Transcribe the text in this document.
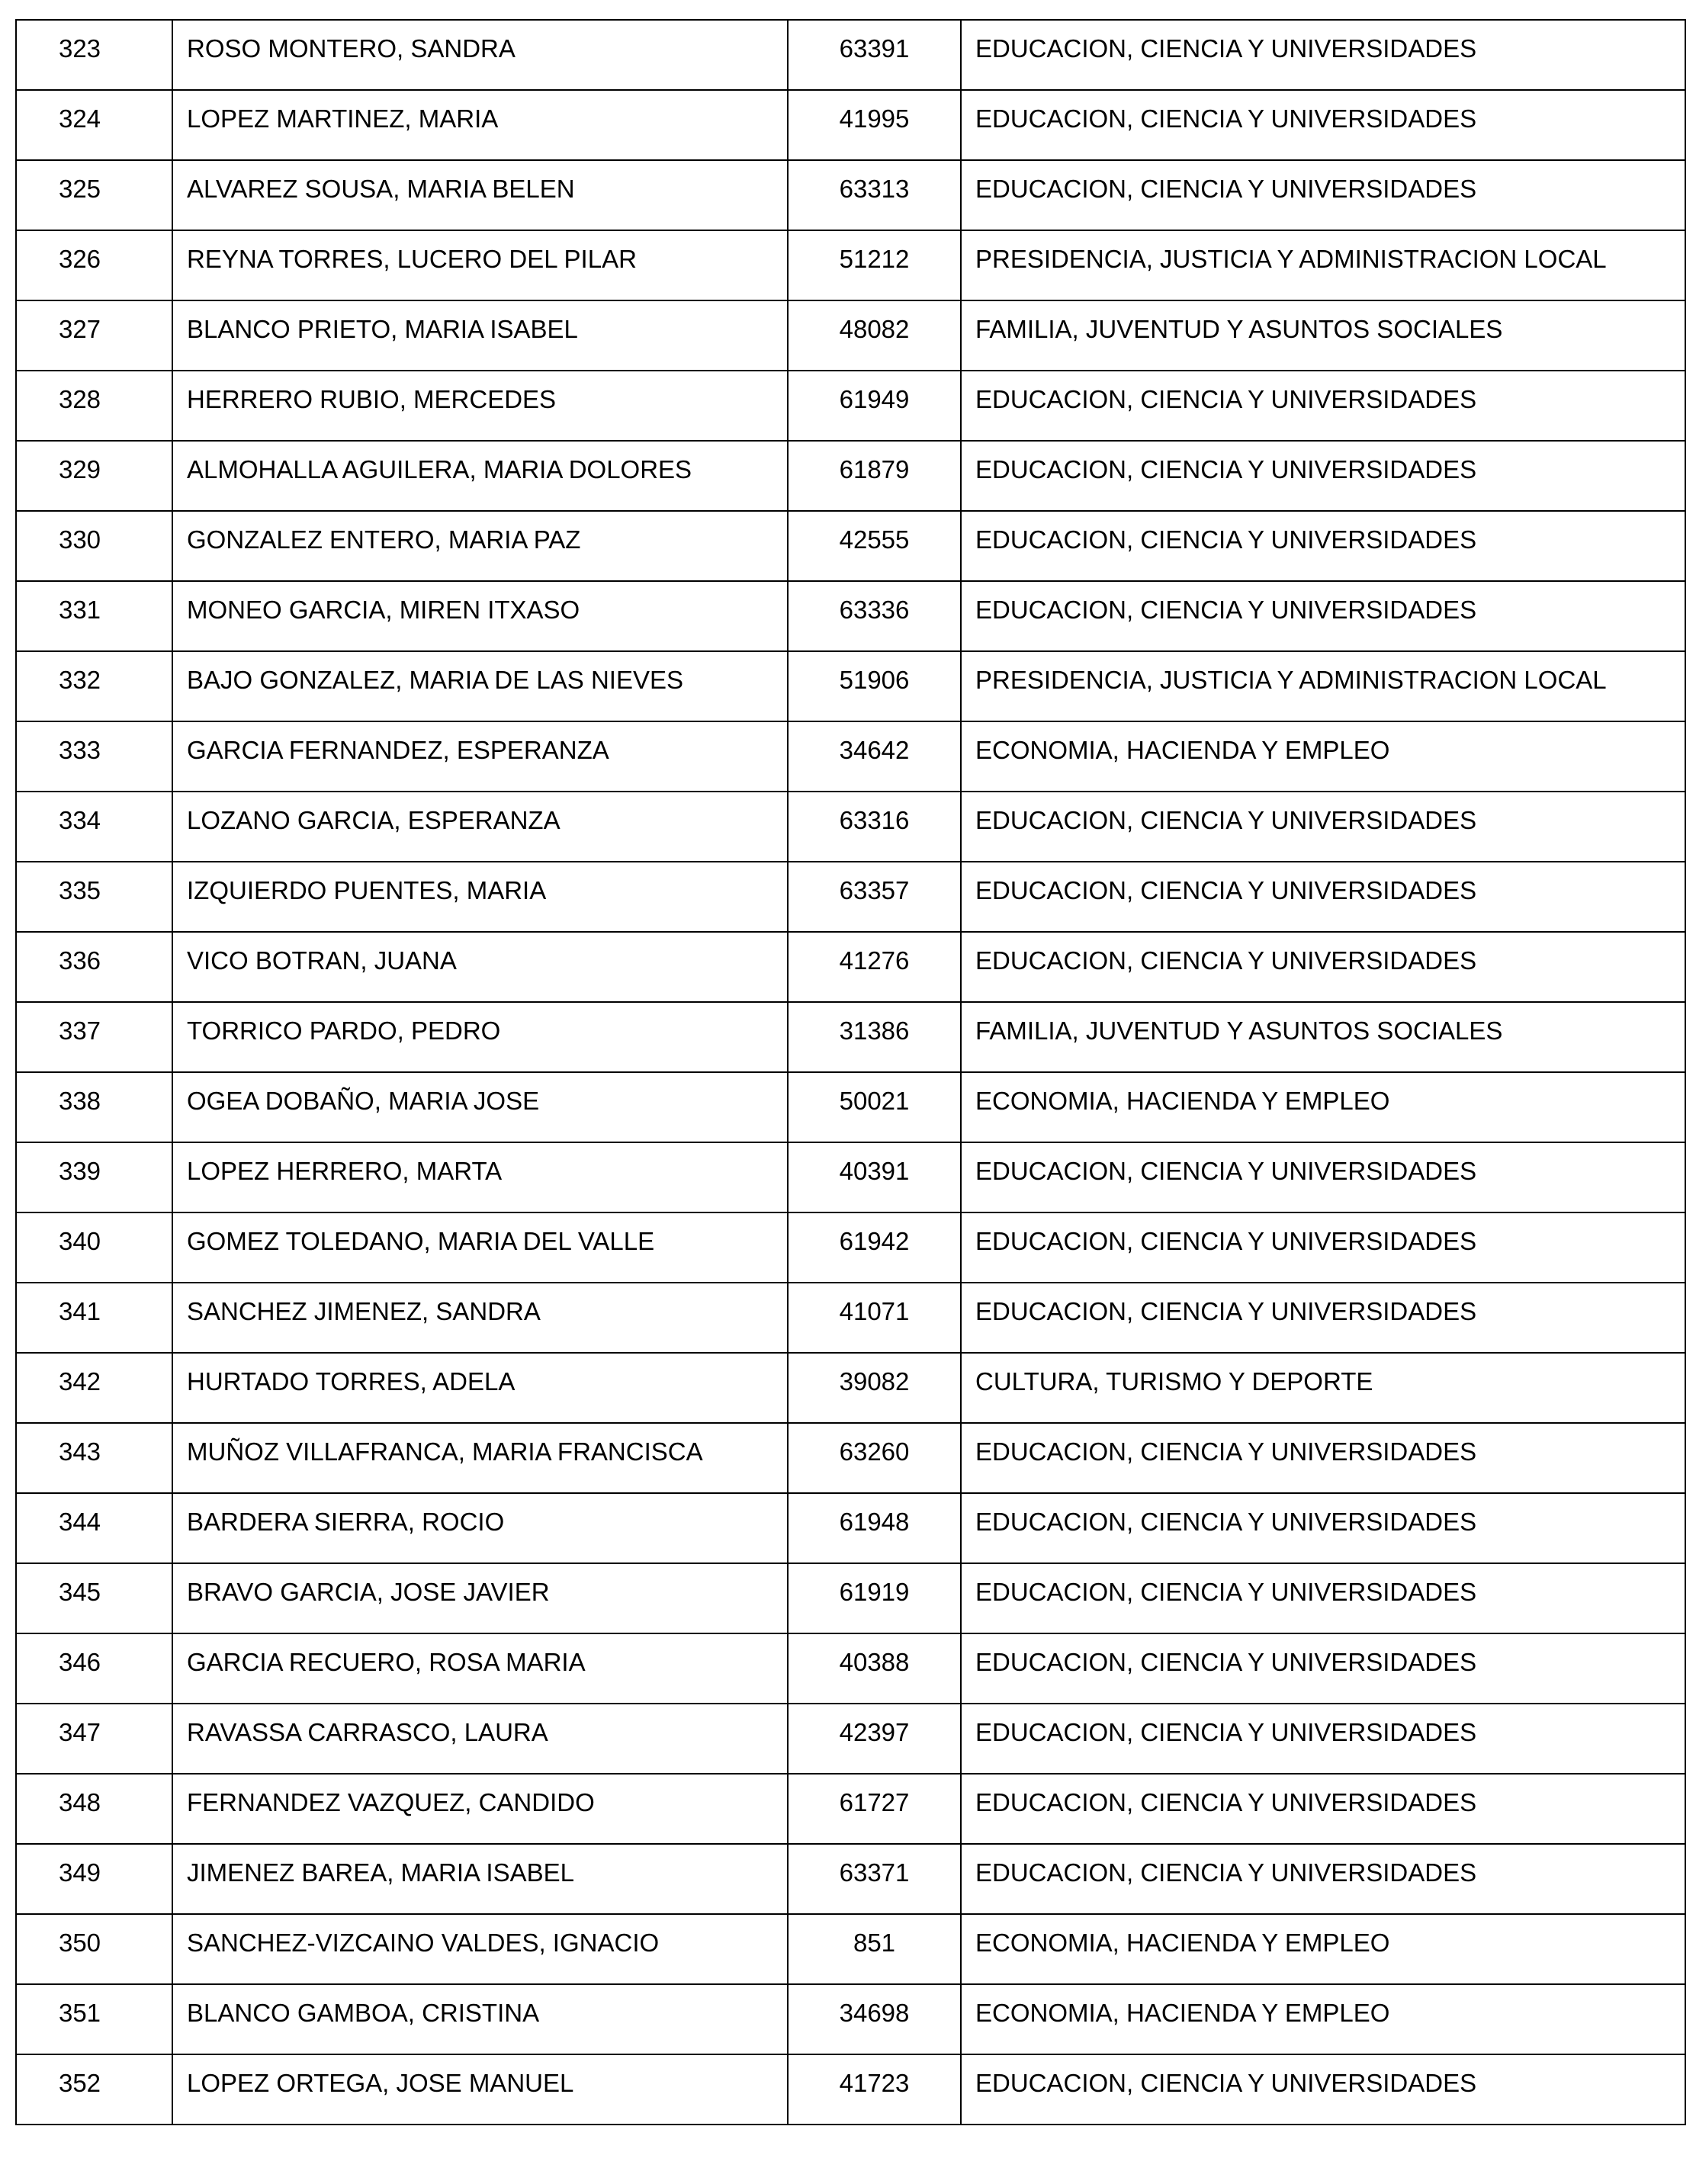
323	ROSO MONTERO, SANDRA	63391	EDUCACION, CIENCIA Y UNIVERSIDADES

324	LOPEZ MARTINEZ, MARIA	41995	EDUCACION, CIENCIA Y UNIVERSIDADES

325	ALVAREZ SOUSA, MARIA BELEN	63313	EDUCACION, CIENCIA Y UNIVERSIDADES

326	REYNA TORRES, LUCERO DEL PILAR	51212	PRESIDENCIA, JUSTICIA Y ADMINISTRACION LOCAL

327	BLANCO PRIETO, MARIA ISABEL	48082	FAMILIA, JUVENTUD Y ASUNTOS SOCIALES

328	HERRERO RUBIO, MERCEDES	61949	EDUCACION, CIENCIA Y UNIVERSIDADES

329	ALMOHALLA AGUILERA, MARIA DOLORES	61879	EDUCACION, CIENCIA Y UNIVERSIDADES

330	GONZALEZ ENTERO, MARIA PAZ	42555	EDUCACION, CIENCIA Y UNIVERSIDADES

331	MONEO GARCIA, MIREN ITXASO	63336	EDUCACION, CIENCIA Y UNIVERSIDADES

332	BAJO GONZALEZ, MARIA DE LAS NIEVES	51906	PRESIDENCIA, JUSTICIA Y ADMINISTRACION LOCAL

333	GARCIA FERNANDEZ, ESPERANZA	34642	ECONOMIA, HACIENDA Y EMPLEO

334	LOZANO GARCIA, ESPERANZA	63316	EDUCACION, CIENCIA Y UNIVERSIDADES

335	IZQUIERDO PUENTES, MARIA	63357	EDUCACION, CIENCIA Y UNIVERSIDADES

336	VICO BOTRAN, JUANA	41276	EDUCACION, CIENCIA Y UNIVERSIDADES

337	TORRICO PARDO, PEDRO	31386	FAMILIA, JUVENTUD Y ASUNTOS SOCIALES

338	OGEA DOBAÑO, MARIA JOSE	50021	ECONOMIA, HACIENDA Y EMPLEO

339	LOPEZ HERRERO, MARTA	40391	EDUCACION, CIENCIA Y UNIVERSIDADES

340	GOMEZ TOLEDANO, MARIA DEL VALLE	61942	EDUCACION, CIENCIA Y UNIVERSIDADES

341	SANCHEZ JIMENEZ, SANDRA	41071	EDUCACION, CIENCIA Y UNIVERSIDADES

342	HURTADO TORRES, ADELA	39082	CULTURA, TURISMO Y DEPORTE

343	MUÑOZ VILLAFRANCA, MARIA FRANCISCA	63260	EDUCACION, CIENCIA Y UNIVERSIDADES

344	BARDERA SIERRA, ROCIO	61948	EDUCACION, CIENCIA Y UNIVERSIDADES

345	BRAVO GARCIA, JOSE JAVIER	61919	EDUCACION, CIENCIA Y UNIVERSIDADES

346	GARCIA RECUERO, ROSA MARIA	40388	EDUCACION, CIENCIA Y UNIVERSIDADES

347	RAVASSA CARRASCO, LAURA	42397	EDUCACION, CIENCIA Y UNIVERSIDADES

348	FERNANDEZ VAZQUEZ, CANDIDO	61727	EDUCACION, CIENCIA Y UNIVERSIDADES

349	JIMENEZ BAREA, MARIA ISABEL	63371	EDUCACION, CIENCIA Y UNIVERSIDADES

350	SANCHEZ-VIZCAINO VALDES, IGNACIO	851	ECONOMIA, HACIENDA Y EMPLEO

351	BLANCO GAMBOA, CRISTINA	34698	ECONOMIA, HACIENDA Y EMPLEO

352	LOPEZ ORTEGA, JOSE MANUEL	41723	EDUCACION, CIENCIA Y UNIVERSIDADES
